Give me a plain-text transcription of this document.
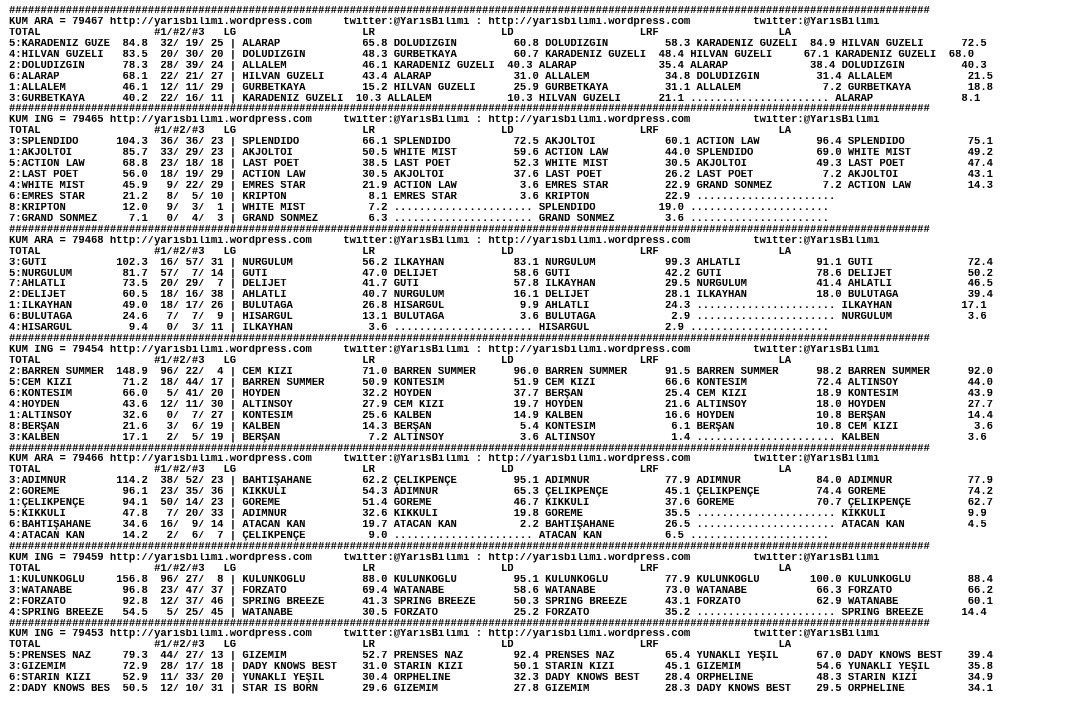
##################################################################################################################################################
KUM ARA = 79467 http://yarisbilimi.wordpress.com     twitter:@YarisBilimi : http://yarisbilimi.wordpress.com          twitter:@YarisBilimi
TOTAL                  #1/#2/#3   LG                    LR                    LD                    LRF                   LA
5:KARADENİZ GÜZE  84.8  32/ 19/ 25 | ALARAP             65.8 DOLUDİZGİN         60.8 DOLUDİZGİN         58.3 KARADENİZ GÜZELİ  84.9 HILVAN GÜZELİ      72.5
4:HILVAN GÜZELİ   83.5  20/ 30/ 20 | DOLUDİZGİN         48.3 GURBETKAYA         60.7 KARADENİZ GÜZELİ  48.4 HILVAN GÜZELİ     67.1 KARADENİZ GÜZELİ  68.0
2:DOLUDİZGİN      78.3  28/ 39/ 24 | ALLALEM            46.1 KARADENİZ GÜZELİ  40.3 ALARAP             35.4 ALARAP             38.4 DOLUDİZGİN         40.3
6:ALARAP          68.1  22/ 21/ 27 | HILVAN GÜZELİ      43.4 ALARAP             31.0 ALLALEM            34.8 DOLUDİZGİN         31.4 ALLALEM            21.5
1:ALLALEM         46.1  12/ 11/ 29 | GURBETKAYA         15.2 HILVAN GÜZELİ      25.9 GURBETKAYA         31.1 ALLALEM             7.2 GURBETKAYA         18.8
3:GURBETKAYA      40.2  22/ 16/ 11 | KARADENİZ GÜZELİ  10.3 ALLALEM            10.3 HILVAN GÜZELİ      21.1 ...................... ALARAP              8.1
##################################################################################################################################################
KUM İNG = 79465 http://yarisbilimi.wordpress.com     twitter:@YarisBilimi : http://yarisbilimi.wordpress.com          twitter:@YarisBilimi
TOTAL                  #1/#2/#3   LG                    LR                    LD                    LRF                   LA
3:SPLENDIDO      104.3  36/ 36/ 23 | SPLENDIDO          66.1 SPLENDIDO          72.5 AKJOLTOI           60.1 ACTION LAW         96.4 SPLENDIDO          75.1
1:AKJOLTOI        85.7  33/ 29/ 23 | AKJOLTOI           50.5 WHITE MIST         59.6 ACTION LAW         44.0 SPLENDIDO          69.0 WHITE MIST         49.2
5:ACTION LAW      68.8  23/ 18/ 18 | LAST POET          38.5 LAST POET          52.3 WHITE MIST         30.5 AKJOLTOI           49.3 LAST POET          47.4
2:LAST POET       56.0  18/ 19/ 29 | ACTION LAW         30.5 AKJOLTOI           37.6 LAST POET          26.2 LAST POET           7.2 AKJOLTOI           43.1
4:WHITE MIST      45.9   9/ 22/ 29 | EMRES STAR         21.9 ACTION LAW          3.6 EMRES STAR         22.9 GRAND SÖNMEZ        7.2 ACTION LAW         14.3
6:EMRES STAR      21.2   8/  5/ 10 | KRİPTON             8.1 EMRES STAR          3.6 KRİPTON            22.9 ......................
8:KRİPTON         12.0   9/  3/  1 | WHITE MIST          7.2 ...................... SPLENDIDO          19.0 ......................
7:GRAND SÖNMEZ     7.1   0/  4/  3 | GRAND SÖNMEZ        6.3 ...................... GRAND SÖNMEZ        3.6 ......................
##################################################################################################################################################
KUM ARA = 79468 http://yarisbilimi.wordpress.com     twitter:@YarisBilimi : http://yarisbilimi.wordpress.com          twitter:@YarisBilimi
TOTAL                  #1/#2/#3   LG                    LR                    LD                    LRF                   LA
3:GUTİ           102.3  16/ 57/ 31 | NURGÜLÜM           56.2 İLKAYHAN           83.1 NURGÜLÜM           99.3 AHLATLI            91.1 GUTİ               72.4
5:NURGÜLÜM        81.7  57/  7/ 14 | GUTİ               47.0 DELİJET            58.6 GUTİ               42.2 GUTİ               78.6 DELİJET            50.2
7:AHLATLI         73.5  20/ 29/  7 | DELİJET            41.7 GUTİ               57.8 İLKAYHAN           29.5 NURGÜLÜM           41.4 AHLATLI            46.5
2:DELİJET         60.5  18/ 16/ 38 | AHLATLI            40.7 NURGÜLÜM           16.1 DELİJET            28.1 İLKAYHAN           18.0 BULUTAĞA           39.4
1:İLKAYHAN        49.0  18/ 17/ 26 | BULUTAĞA           26.8 HİSARGÜL            9.9 AHLATLI            24.3 ...................... İLKAYHAN           17.1
6:BULUTAĞA        24.6   7/  7/  9 | HİSARGÜL           13.1 BULUTAĞA            3.6 BULUTAĞA            2.9 ...................... NURGÜLÜM            3.6
4:HİSARGÜL         9.4   0/  3/ 11 | İLKAYHAN            3.6 ...................... HİSARGÜL            2.9 ......................
##################################################################################################################################################
KUM İNG = 79454 http://yarisbilimi.wordpress.com     twitter:@YarisBilimi : http://yarisbilimi.wordpress.com          twitter:@YarisBilimi
TOTAL                  #1/#2/#3   LG                    LR                    LD                    LRF                   LA
2:BARREN SUMMER  148.9  96/ 22/  4 | CEM KIZI           71.0 BARREN SUMMER      96.0 BARREN SUMMER      91.5 BARREN SUMMER      98.2 BARREN SUMMER      92.0
5:CEM KIZI        71.2  18/ 44/ 17 | BARREN SUMMER      50.9 KONTESİM           51.9 CEM KIZI           66.6 KONTESİM           72.4 ALTINSOY           44.0
6:KONTESİM        66.0   5/ 41/ 20 | HOYDEN             32.2 HOYDEN             37.7 BERŞAN             25.4 CEM KIZI           18.9 KONTESİM           43.9
4:HOYDEN          43.6  12/ 11/ 30 | ALTINSOY           27.9 CEM KIZI           19.7 HOYDEN             21.6 ALTINSOY           18.0 HOYDEN             27.7
1:ALTINSOY        32.6   0/  7/ 27 | KONTESİM           25.6 KALBEN             14.9 KALBEN             16.6 HOYDEN             10.8 BERŞAN             14.4
8:BERŞAN          21.6   3/  6/ 19 | KALBEN             14.3 BERŞAN              5.4 KONTESİM            6.1 BERŞAN             10.8 CEM KIZI            3.6
3:KALBEN          17.1   2/  5/ 19 | BERŞAN              7.2 ALTINSOY            3.6 ALTINSOY            1.4 ...................... KALBEN              3.6
##################################################################################################################################################
KUM ARA = 79466 http://yarisbilimi.wordpress.com     twitter:@YarisBilimi : http://yarisbilimi.wordpress.com          twitter:@YarisBilimi
TOTAL                  #1/#2/#3   LG                    LR                    LD                    LRF                   LA
3:ADIMNUR        114.2  38/ 52/ 23 | BAHTİŞAHANE        62.2 ÇELİKPENÇE         95.1 ADIMNUR            77.9 ADIMNUR            84.0 ADIMNUR            77.9
2:GÖREME          96.1  23/ 35/ 36 | KIKKULİ            54.3 ADIMNUR            65.3 ÇELİKPENÇE         45.1 ÇELİKPENÇE         74.4 GÖREME             74.2
1:ÇELİKPENÇE      94.1  50/ 14/ 23 | GÖREME             51.4 GÖREME             46.7 KIKKULİ            37.6 GÖREME             70.7 ÇELİKPENÇE         62.7
5:KIKKULİ         47.8   7/ 20/ 33 | ADIMNUR            32.6 KIKKULİ            19.8 GÖREME             35.5 ...................... KIKKULİ             9.9
6:BAHTİŞAHANE     34.6  16/  9/ 14 | ATACAN KAN         19.7 ATACAN KAN          2.2 BAHTİŞAHANE        26.5 ...................... ATACAN KAN          4.5
4:ATACAN KAN      14.2   2/  6/  7 | ÇELİKPENÇE          9.0 ...................... ATACAN KAN          6.5 ......................
##################################################################################################################################################
KUM İNG = 79459 http://yarisbilimi.wordpress.com     twitter:@YarisBilimi : http://yarisbilimi.wordpress.com          twitter:@YarisBilimi
TOTAL                  #1/#2/#3   LG                    LR                    LD                    LRF                   LA
1:KÜLÜNKOĞLU     156.8  96/ 27/  8 | KÜLÜNKOĞLU         88.0 KÜLÜNKOĞLU         95.1 KÜLÜNKOĞLU         77.9 KÜLÜNKOĞLU        100.0 KÜLÜNKOĞLU         88.4
3:WATANABE        96.8  23/ 47/ 37 | FORZATO            69.4 WATANABE           58.6 WATANABE           73.0 WATANABE           66.3 FORZATO            66.2
2:FORZATO         92.8  12/ 37/ 46 | SPRING BREEZE      41.3 SPRING BREEZE      50.3 SPRING BREEZE      43.1 FORZATO            62.9 WATANABE           60.1
4:SPRING BREEZE   54.5   5/ 25/ 45 | WATANABE           30.5 FORZATO            25.2 FORZATO            35.2 ...................... SPRING BREEZE      14.4
##################################################################################################################################################
KUM İNG = 79453 http://yarisbilimi.wordpress.com     twitter:@YarisBilimi : http://yarisbilimi.wordpress.com          twitter:@YarisBilimi
TOTAL                  #1/#2/#3   LG                    LR                    LD                    LRF                   LA
5:PRENSES NAZ     79.3  44/ 27/ 13 | GİZEMİM            52.7 PRENSES NAZ        92.4 PRENSES NAZ        65.4 YUNAKLI YEŞİL      67.0 DADY KNOWS BEST    39.4
3:GİZEMİM         72.9  28/ 17/ 18 | DADY KNOWS BEST    31.0 STARIN KIZI        50.1 STARIN KIZI        45.1 GİZEMİM            54.6 YUNAKLI YEŞİL      35.8
6:STARIN KIZI     52.9  11/ 33/ 20 | YUNAKLI YEŞİL      30.4 ORPHELINE          32.3 DADY KNOWS BEST    28.4 ORPHELINE          48.3 STARIN KIZI        34.9
2:DADY KNOWS BES  50.5  12/ 10/ 31 | STAR IS BORN       29.6 GİZEMİM            27.8 GİZEMİM            28.3 DADY KNOWS BEST    29.5 ORPHELINE          34.1
